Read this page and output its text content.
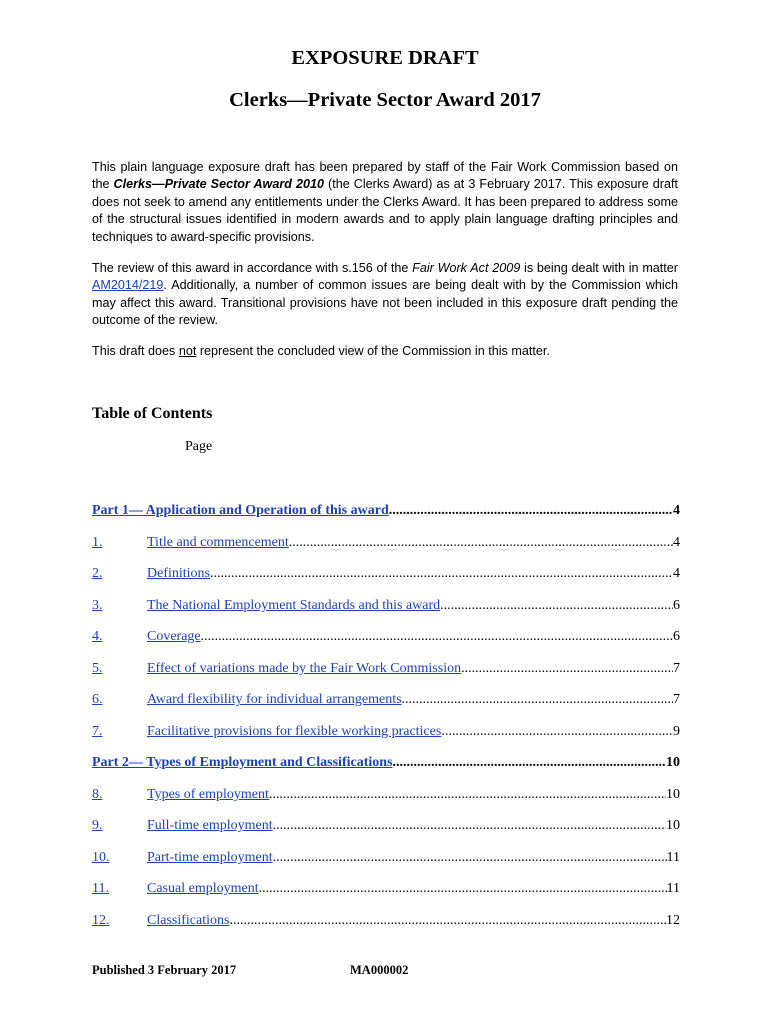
EXPOSURE DRAFT
Clerks—Private Sector Award 2017
This plain language exposure draft has been prepared by staff of the Fair Work Commission based on the Clerks—Private Sector Award 2010 (the Clerks Award) as at 3 February 2017. This exposure draft does not seek to amend any entitlements under the Clerks Award. It has been prepared to address some of the structural issues identified in modern awards and to apply plain language drafting principles and techniques to award-specific provisions.
The review of this award in accordance with s.156 of the Fair Work Act 2009 is being dealt with in matter AM2014/219. Additionally, a number of common issues are being dealt with by the Commission which may affect this award. Transitional provisions have not been included in this exposure draft pending the outcome of the review.
This draft does not represent the concluded view of the Commission in this matter.
Table of Contents
Page
Part 1— Application and Operation of this award .....	4
1.	Title and commencement .....	4
2.	Definitions .....	4
3.	The National Employment Standards and this award .....	6
4.	Coverage .....	6
5.	Effect of variations made by the Fair Work Commission .....	7
6.	Award flexibility for individual arrangements .....	7
7.	Facilitative provisions for flexible working practices .....	9
Part 2— Types of Employment and Classifications .....	10
8.	Types of employment .....	10
9.	Full-time employment .....	10
10.	Part-time employment .....	11
11.	Casual employment .....	11
12.	Classifications .....	12
Published 3 February 2017	MA000002
